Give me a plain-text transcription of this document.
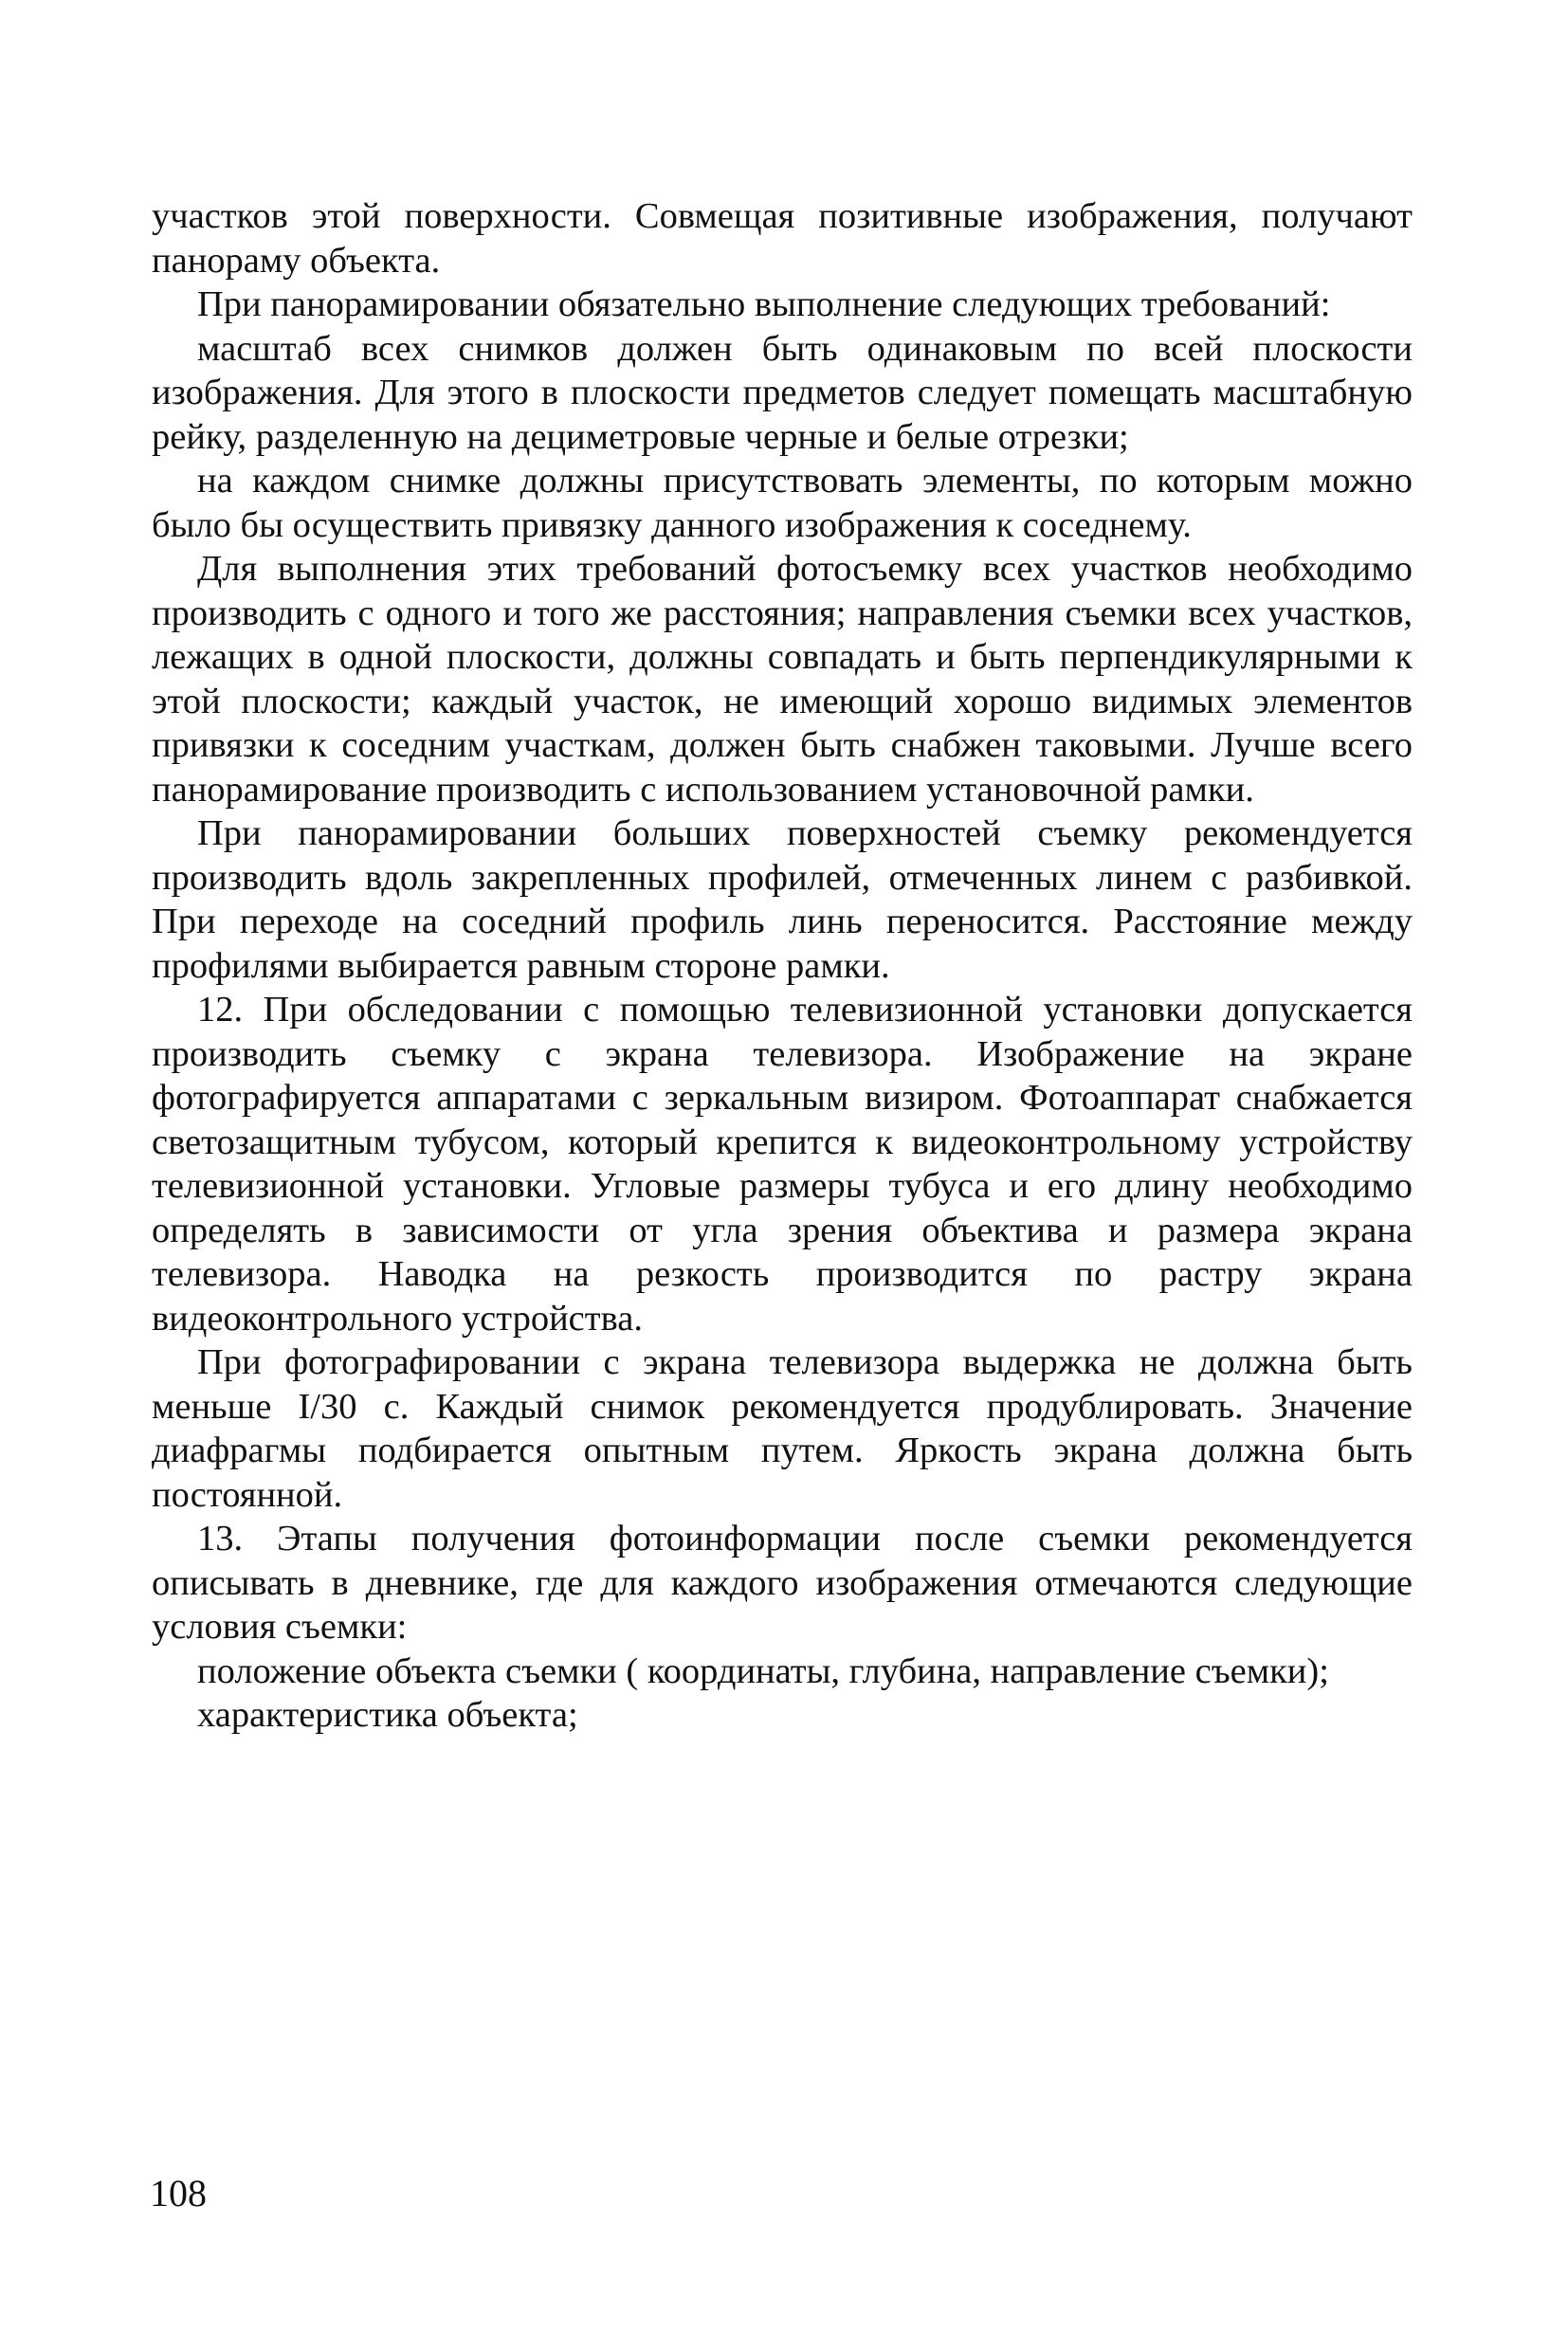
участков этой поверхности. Совмещая позитивные изображения, получают панораму объекта.

При панорамировании обязательно выполнение следующих требований:

масштаб всех снимков должен быть одинаковым по всей плоскости изображения. Для этого в плоскости предметов следует помещать масштабную рейку, разделенную на дециметровые черные и белые отрезки;

на каждом снимке должны присутствовать элементы, по которым можно было бы осуществить привязку данного изображения к соседнему.

Для выполнения этих требований фотосъемку всех участков необходимо производить с одного и того же расстояния; направления съемки всех участков, лежащих в одной плоскости, должны совпадать и быть перпендикулярными к этой плоскости; каждый участок, не имеющий хорошо видимых элементов привязки к соседним участкам, должен быть снабжен таковыми. Лучше всего панорамирование производить с использованием установочной рамки.

При панорамировании больших поверхностей съемку рекомендуется производить вдоль закрепленных профилей, отмеченных линем с разбивкой. При переходе на соседний профиль линь переносится. Расстояние между профилями выбирается равным стороне рамки.

12. При обследовании с помощью телевизионной установки допускается производить съемку с экрана телевизора. Изображение на экране фотографируется аппаратами с зеркальным визиром. Фотоаппарат снабжается светозащитным тубусом, который крепится к видеоконтрольному устройству телевизионной установки. Угловые размеры тубуса и его длину необходимо определять в зависимости от угла зрения объектива и размера экрана телевизора. Наводка на резкость производится по растру экрана видеоконтрольного устройства.

При фотографировании с экрана телевизора выдержка не должна быть меньше I/30 с. Каждый снимок рекомендуется продублировать. Значение диафрагмы подбирается опытным путем. Яркость экрана должна быть постоянной.

13. Этапы получения фотоинформации после съемки рекомендуется описывать в дневнике, где для каждого изображения отмечаются следующие условия съемки:

положение объекта съемки ( координаты, глубина, направление съемки);

характеристика объекта;

108
